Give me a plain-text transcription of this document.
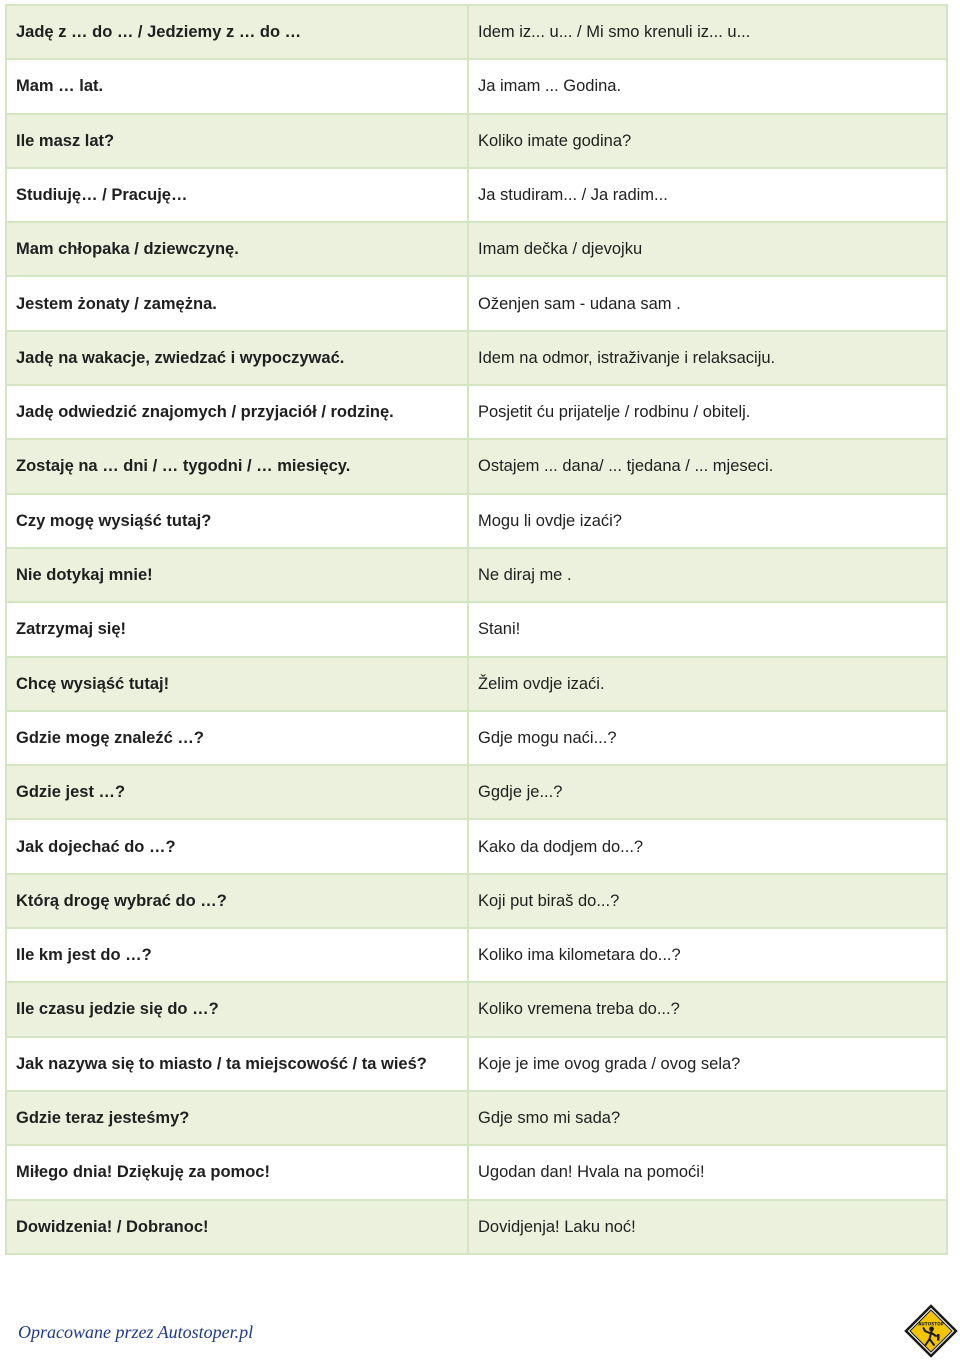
Jadę z … do … / Jedziemy z … do …	Idem iz... u... / Mi smo krenuli iz... u...
Mam … lat.	Ja imam ... Godina.
Ile masz lat?	Koliko imate godina?
Studiuję… / Pracuję…	Ja studiram... / Ja radim...
Mam chłopaka / dziewczynę.	Imam dečka / djevojku
Jestem żonaty / zamężna.	Oženjen sam - udana sam .
Jadę na wakacje, zwiedzać i wypoczywać.	Idem na odmor, istraživanje i relaksaciju.
Jadę odwiedzić znajomych / przyjaciół / rodzinę.	Posjetit ću prijatelje / rodbinu / obitelj.
Zostaję na … dni / … tygodni / … miesięcy.	Ostajem ... dana/ ... tjedana / ... mjeseci.
Czy mogę wysiąść tutaj?	Mogu li ovdje izaći?
Nie dotykaj mnie!	Ne diraj me .
Zatrzymaj się!	Stani!
Chcę wysiąść tutaj!	Želim ovdje izaći.
Gdzie mogę znaleźć …?	Gdje mogu naći...?
Gdzie jest …?	Ggdje je...?
Jak dojechać do …?	Kako da dodjem do...?
Którą drogę wybrać do …?	Koji put biraš do...?
Ile km jest do …?	Koliko ima kilometara do...?
Ile czasu jedzie się do …?	Koliko vremena treba do...?
Jak nazywa się to miasto / ta miejscowość / ta wieś?	Koje je ime ovog grada / ovog sela?
Gdzie teraz jesteśmy?	Gdje smo mi sada?
Miłego dnia! Dziękuję za pomoc!	Ugodan dan! Hvala na pomoći!
Dowidzenia! / Dobranoc!	Dovidjenja! Laku noć!
Opracowane przez Autostoper.pl	AUTOSTOP
